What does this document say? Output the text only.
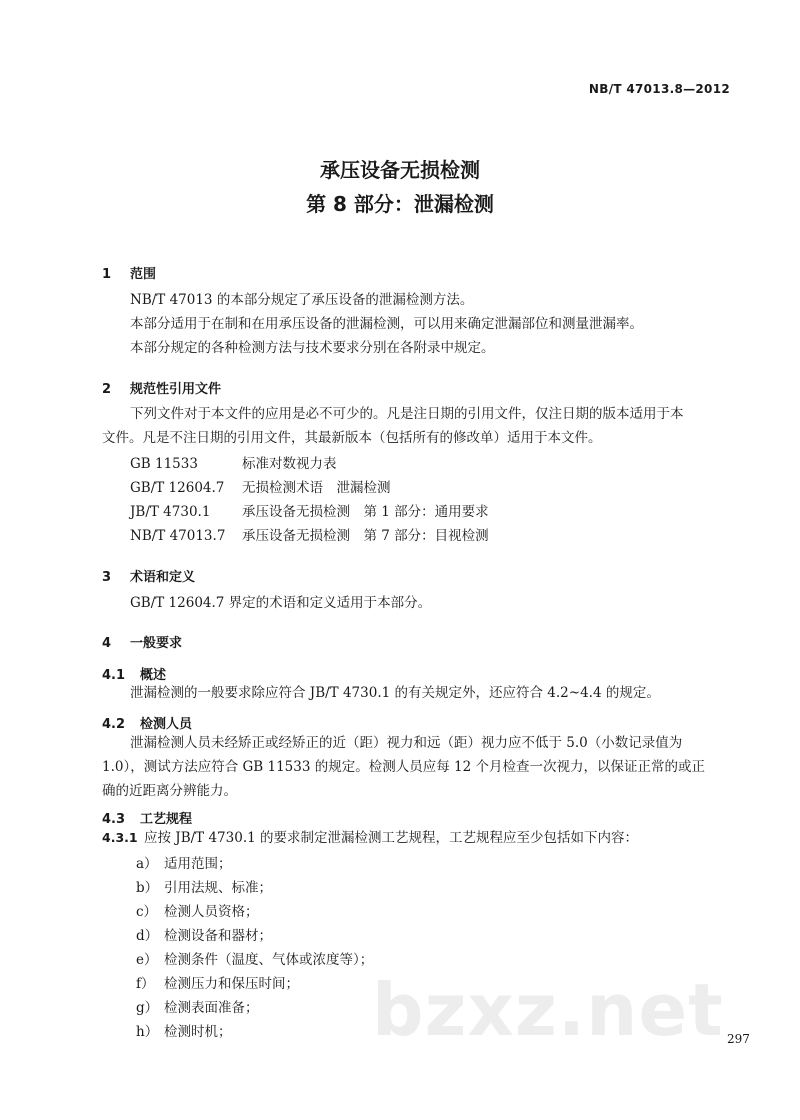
NB/T 47013.8—2012
承压设备无损检测
第 8 部分：泄漏检测
1 范围
NB/T 47013 的本部分规定了承压设备的泄漏检测方法。
本部分适用于在制和在用承压设备的泄漏检测，可以用来确定泄漏部位和测量泄漏率。
本部分规定的各种检测方法与技术要求分别在各附录中规定。
2 规范性引用文件
下列文件对于本文件的应用是必不可少的。凡是注日期的引用文件，仅注日期的版本适用于本
文件。凡是不注日期的引用文件，其最新版本（包括所有的修改单）适用于本文件。
GB 11533	标准对数视力表
GB/T 12604.7 无损检测术语　泄漏检测
JB/T 4730.1 承压设备无损检测　第 1 部分：通用要求
NB/T 47013.7 承压设备无损检测　第 7 部分：目视检测
3 术语和定义
GB/T 12604.7 界定的术语和定义适用于本部分。
4 一般要求
4.1 概述
泄漏检测的一般要求除应符合 JB/T 4730.1 的有关规定外，还应符合 4.2~4.4 的规定。
4.2 检测人员
泄漏检测人员未经矫正或经矫正的近（距）视力和远（距）视力应不低于 5.0（小数记录值为
1.0），测试方法应符合 GB 11533 的规定。检测人员应每 12 个月检查一次视力，以保证正常的或正
确的近距离分辨能力。
4.3 工艺规程
4.3.1 应按 JB/T 4730.1 的要求制定泄漏检测工艺规程，工艺规程应至少包括如下内容：
a） 适用范围；
b） 引用法规、标准；
c） 检测人员资格；
d） 检测设备和器材；
e） 检测条件（温度、气体或浓度等）；
f） 检测压力和保压时间；
g） 检测表面准备；
h） 检测时机； bzxz.net 297
